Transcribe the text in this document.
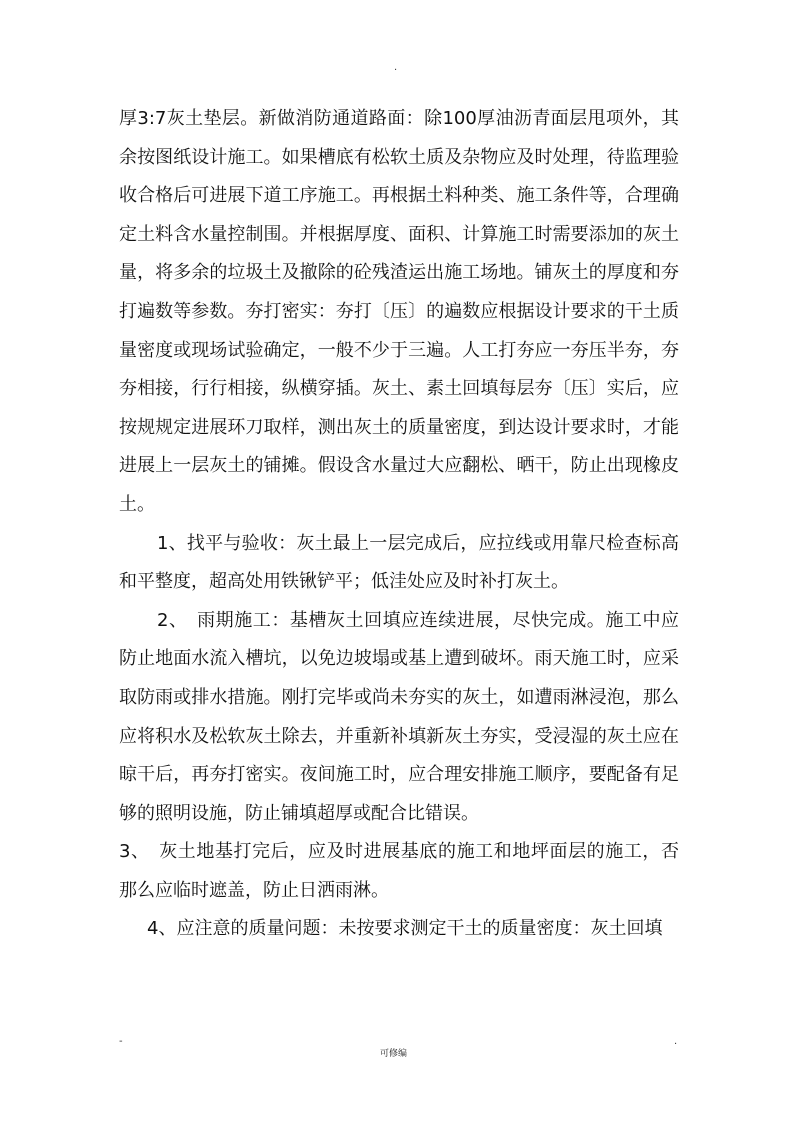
.

厚3:7灰土垫层。新做消防通道路面：除100厚油沥青面层甩项外，其余按图纸设计施工。如果槽底有松软土质及杂物应及时处理，待监理验收合格后可进展下道工序施工。再根据土料种类、施工条件等，合理确定土料含水量控制围。并根据厚度、面积、计算施工时需要添加的灰土量，将多余的垃圾土及撤除的砼残渣运出施工场地。铺灰土的厚度和夯打遍数等参数。夯打密实：夯打〔压〕的遍数应根据设计要求的干土质量密度或现场试验确定，一般不少于三遍。人工打夯应一夯压半夯，夯夯相接，行行相接，纵横穿插。灰土、素土回填每层夯〔压〕实后，应按规规定进展环刀取样，测出灰土的质量密度，到达设计要求时，才能进展上一层灰土的铺摊。假设含水量过大应翻松、晒干，防止出现橡皮土。

1、找平与验收：灰土最上一层完成后，应拉线或用靠尺检查标高和平整度，超高处用铁锹铲平；低洼处应及时补打灰土。

2、　雨期施工：基槽灰土回填应连续进展，尽快完成。施工中应防止地面水流入槽坑，以免边坡塌或基上遭到破坏。雨天施工时，应采取防雨或排水措施。刚打完毕或尚未夯实的灰土，如遭雨淋浸泡，那么应将积水及松软灰土除去，并重新补填新灰土夯实，受浸湿的灰土应在晾干后，再夯打密实。夜间施工时，应合理安排施工顺序，要配备有足够的照明设施，防止铺填超厚或配合比错误。

3、　灰土地基打完后，应及时进展基底的施工和地坪面层的施工，否那么应临时遮盖，防止日洒雨淋。

4、应注意的质量问题：未按要求测定干土的质量密度：灰土回填

-
可修编
.
